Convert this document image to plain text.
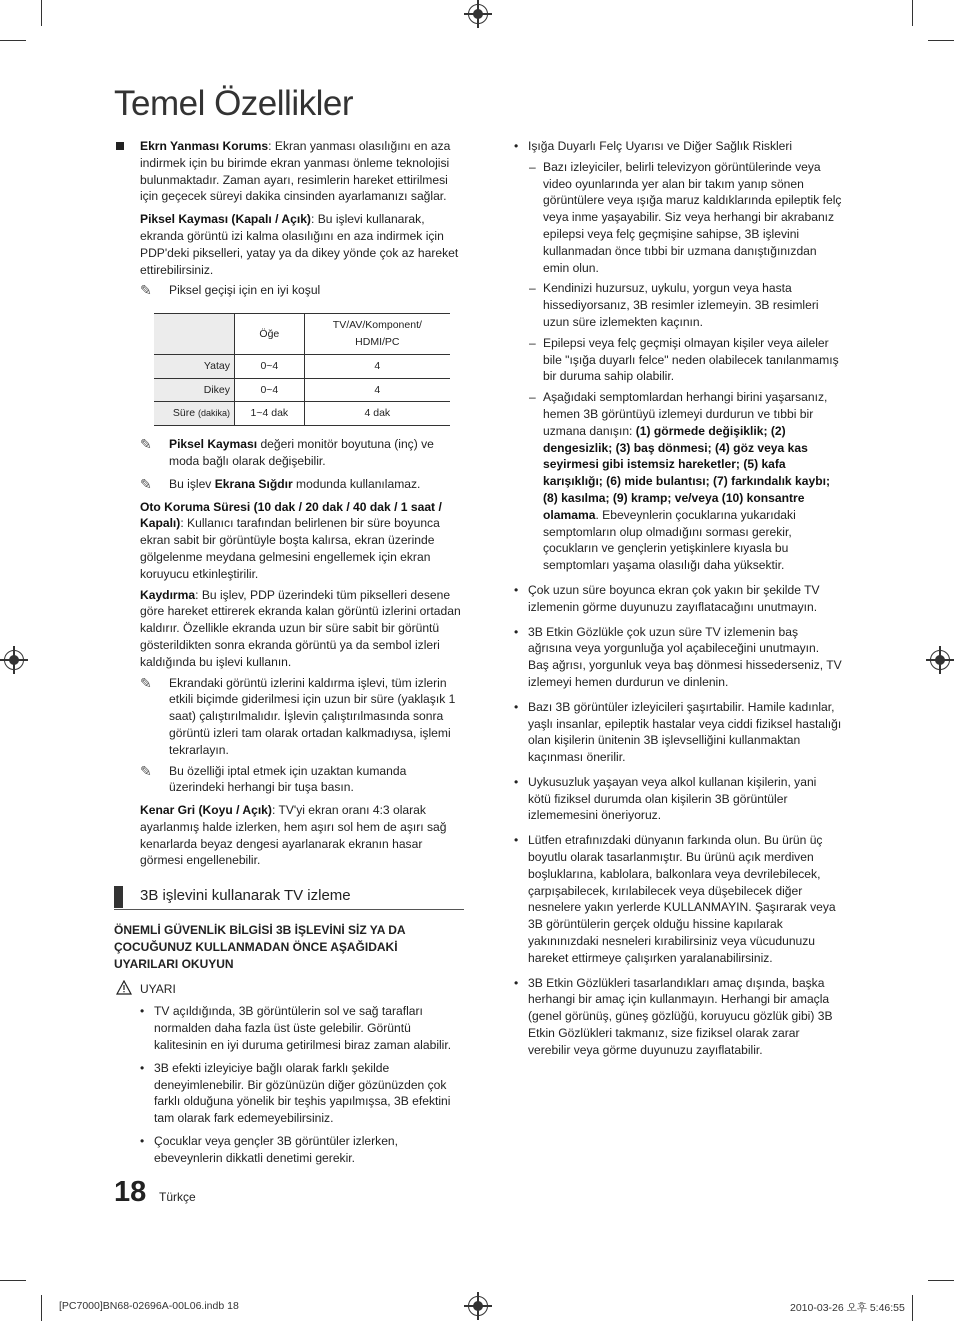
Temel Özellikler

Ekrn Yanması Korums: Ekran yanması olasılığını en aza indirmek için bu birimde ekran yanması önleme teknolojisi bulunmaktadır. Zaman ayarı, resimlerin hareket ettirilmesi için geçecek süreyi dakika cinsinden ayarlamanızı sağlar.

Piksel Kayması (Kapalı / Açık): Bu işlevi kullanarak, ekranda görüntü izi kalma olasılığını en aza indirmek için PDP'deki pikselleri, yatay ya da dikey yönde çok az hareket ettirebilirsiniz.

✎ Piksel geçişi için en iyi koşul

	Öğe	TV/AV/Komponent/
HDMI/PC
Yatay	0~4	4
Dikey	0~4	4
Süre (dakika)	1~4 dak	4 dak

✎ Piksel Kayması değeri monitör boyutuna (inç) ve moda bağlı olarak değişebilir.

✎ Bu işlev Ekrana Sığdır modunda kullanılamaz.

Oto Koruma Süresi (10 dak / 20 dak / 40 dak / 1 saat / Kapalı): Kullanıcı tarafından belirlenen bir süre boyunca ekran sabit bir görüntüyle boşta kalırsa, ekran üzerinde gölgelenme meydana gelmesini engellemek için ekran koruyucu etkinleştirilir.

Kaydırma: Bu işlev, PDP üzerindeki tüm pikselleri desene göre hareket ettirerek ekranda kalan görüntü izlerini ortadan kaldırır. Özellikle ekranda uzun bir süre sabit bir görüntü gösterildikten sonra ekranda görüntü ya da sembol izleri kaldığında bu işlevi kullanın.

✎ Ekrandaki görüntü izlerini kaldırma işlevi, tüm izlerin etkili biçimde giderilmesi için uzun bir süre (yaklaşık 1 saat) çalıştırılmalıdır. İşlevin çalıştırılmasında sonra görüntü izleri tam olarak ortadan kalkmadıysa, işlemi tekrarlayın.

✎ Bu özelliği iptal etmek için uzaktan kumanda üzerindeki herhangi bir tuşa basın.

Kenar Gri (Koyu / Açık): TV'yi ekran oranı 4:3 olarak ayarlanmış halde izlerken, hem aşırı sol hem de aşırı sağ kenarlarda beyaz dengesi ayarlanarak ekranın hasar görmesi engellenebilir.

3B işlevini kullanarak TV izleme

ÖNEMLİ GÜVENLİK BİLGİSİ 3B İŞLEVİNİ SİZ YA DA ÇOCUĞUNUZ KULLANMADAN ÖNCE AŞAĞIDAKİ UYARILARI OKUYUN

UYARI

• TV açıldığında, 3B görüntülerin sol ve sağ tarafları normalden daha fazla üst üste gelebilir. Görüntü kalitesinin en iyi duruma getirilmesi biraz zaman alabilir.

• 3B efekti izleyiciye bağlı olarak farklı şekilde deneyimlenebilir. Bir gözünüzün diğer gözünüzden çok farklı olduğuna yönelik bir teşhis yapılmışsa, 3B efektini tam olarak fark edemeyebilirsiniz.

• Çocuklar veya gençler 3B görüntüler izlerken, ebeveynlerin dikkatli denetimi gerekir.

• Işığa Duyarlı Felç Uyarısı ve Diğer Sağlık Riskleri

– Bazı izleyiciler, belirli televizyon görüntülerinde veya video oyunlarında yer alan bir takım yanıp sönen görüntülere veya ışığa maruz kaldıklarında epileptik felç veya inme yaşayabilir. Siz veya herhangi bir akrabanız epilepsi veya felç geçmişine sahipse, 3B işlevini kullanmadan önce tıbbi bir uzmana danıştığınızdan emin olun.

– Kendinizi huzursuz, uykulu, yorgun veya hasta hissediyorsanız, 3B resimler izlemeyin. 3B resimleri uzun süre izlemekten kaçının.

– Epilepsi veya felç geçmişi olmayan kişiler veya aileler bile "ışığa duyarlı felce" neden olabilecek tanılanmamış bir duruma sahip olabilir.

– Aşağıdaki semptomlardan herhangi birini yaşarsanız, hemen 3B görüntüyü izlemeyi durdurun ve tıbbi bir uzmana danışın: (1) görmede değişiklik; (2) dengesizlik; (3) baş dönmesi; (4) göz veya kas seyirmesi gibi istemsiz hareketler; (5) kafa karışıklığı; (6) mide bulantısı; (7) farkındalık kaybı; (8) kasılma; (9) kramp; ve/veya (10) konsantre olamama. Ebeveynlerin çocuklarına yukarıdaki semptomların olup olmadığını sorması gerekir, çocukların ve gençlerin yetişkinlere kıyasla bu semptomları yaşama olasılığı daha yüksektir.

• Çok uzun süre boyunca ekran çok yakın bir şekilde TV izlemenin görme duyunuzu zayıflatacağını unutmayın.

• 3B Etkin Gözlükle çok uzun süre TV izlemenin baş ağrısına veya yorgunluğa yol açabileceğini unutmayın. Baş ağrısı, yorgunluk veya baş dönmesi hissederseniz, TV izlemeyi hemen durdurun ve dinlenin.

• Bazı 3B görüntüler izleyicileri şaşırtabilir. Hamile kadınlar, yaşlı insanlar, epileptik hastalar veya ciddi fiziksel hastalığı olan kişilerin ünitenin 3B işlevselliğini kullanmaktan kaçınması önerilir.

• Uykusuzluk yaşayan veya alkol kullanan kişilerin, yani kötü fiziksel durumda olan kişilerin 3B görüntüler izlememesini öneriyoruz.

• Lütfen etrafınızdaki dünyanın farkında olun. Bu ürün üç boyutlu olarak tasarlanmıştır. Bu ürünü açık merdiven boşluklarına, kablolara, balkonlara veya devrilebilecek, çarpışabilecek, kırılabilecek veya düşebilecek diğer nesnelere yakın yerlerde KULLANMAYIN. Şaşırarak veya 3B görüntülerin gerçek olduğu hissine kapılarak yakınınızdaki nesneleri kırabilirsiniz veya vücudunuzu hareket ettirmeye çalışırken yaralanabilirsiniz.

• 3B Etkin Gözlükleri tasarlandıkları amaç dışında, başka herhangi bir amaç için kullanmayın. Herhangi bir amaçla (genel görünüş, güneş gözlüğü, koruyucu gözlük gibi) 3B Etkin Gözlükleri takmanız, size fiziksel olarak zarar verebilir veya görme duyunuzu zayıflatabilir.

18 Türkçe
[PC7000]BN68-02696A-00L06.indb 18	2010-03-26 오후 5:46:55
